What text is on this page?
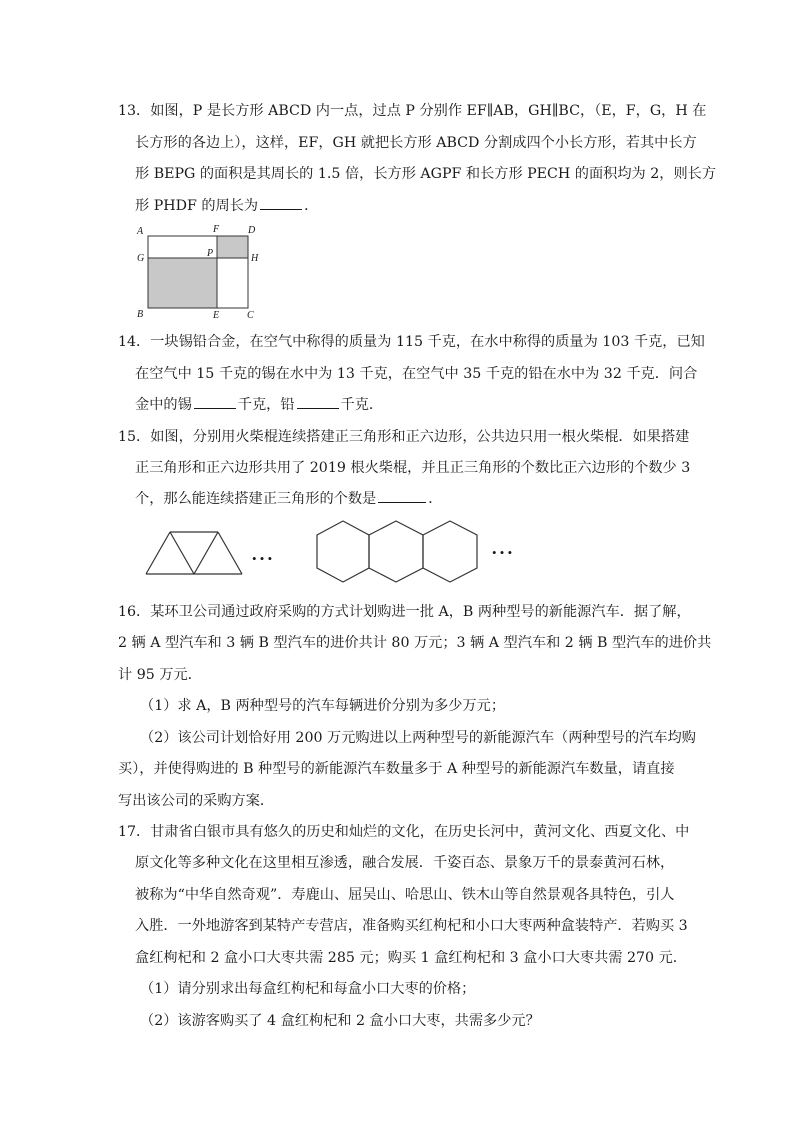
13．如图，P 是长方形 ABCD 内一点，过点 P 分别作 EF∥AB，GH∥BC，（E，F，G，H 在
长方形的各边上），这样，EF，GH 就把长方形 ABCD 分割成四个小长方形，若其中长方
形 BEPG 的面积是其周长的 1.5 倍，长方形 AGPF 和长方形 PECH 的面积均为 2，则长方
形 PHDF 的周长为	．
A	F	D
G	P	H
B	E	C
14．一块锡铅合金，在空气中称得的质量为 115 千克，在水中称得的质量为 103 千克，已知
在空气中 15 千克的锡在水中为 13 千克，在空气中 35 千克的铅在水中为 32 千克．问合
金中的锡	千克，铅	千克．
15．如图，分别用火柴棍连续搭建正三角形和正六边形，公共边只用一根火柴棍．如果搭建
正三角形和正六边形共用了 2019 根火柴棍，并且正三角形的个数比正六边形的个数少 3
个，那么能连续搭建正三角形的个数是	．
• • •	• • •
16．某环卫公司通过政府采购的方式计划购进一批 A，B 两种型号的新能源汽车．据了解，
2 辆 A 型汽车和 3 辆 B 型汽车的进价共计 80 万元；3 辆 A 型汽车和 2 辆 B 型汽车的进价共
计 95 万元．
（1）求 A，B 两种型号的汽车每辆进价分别为多少万元；
（2）该公司计划恰好用 200 万元购进以上两种型号的新能源汽车（两种型号的汽车均购
买），并使得购进的 B 种型号的新能源汽车数量多于 A 种型号的新能源汽车数量，请直接
写出该公司的采购方案．
17．甘肃省白银市具有悠久的历史和灿烂的文化，在历史长河中，黄河文化、西夏文化、中
原文化等多种文化在这里相互渗透，融合发展．千姿百态、景象万千的景泰黄河石林，
被称为“中华自然奇观”．寿鹿山、屈吴山、哈思山、铁木山等自然景观各具特色，引人
入胜．一外地游客到某特产专营店，准备购买红枸杞和小口大枣两种盒装特产．若购买 3
盒红枸杞和 2 盒小口大枣共需 285 元；购买 1 盒红枸杞和 3 盒小口大枣共需 270 元．
（1）请分别求出每盒红枸杞和每盒小口大枣的价格；
（2）该游客购买了 4 盒红枸杞和 2 盒小口大枣，共需多少元？
